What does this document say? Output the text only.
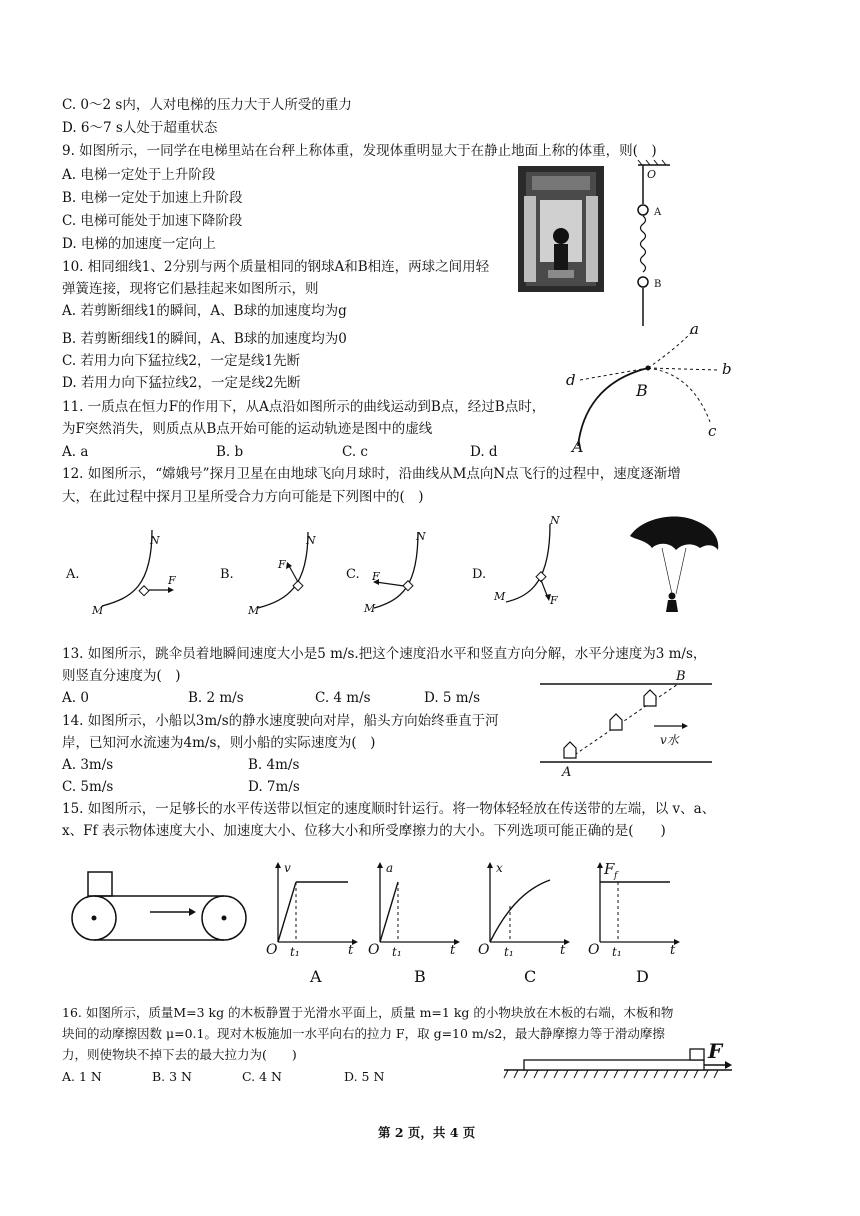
C. 0～2 s内，人对电梯的压力大于人所受的重力
D. 6～7 s人处于超重状态
9. 如图所示，一同学在电梯里站在台秤上称体重，发现体重明显大于在静止地面上称的体重，则(　)
A. 电梯一定处于上升阶段
B. 电梯一定处于加速上升阶段
C. 电梯可能处于加速下降阶段
D. 电梯的加速度一定向上
10. 相同细线1、2分别与两个质量相同的钢球A和B相连，两球之间用轻
弹簧连接，现将它们悬挂起来如图所示，则
A. 若剪断细线1的瞬间，A、B球的加速度均为g
B. 若剪断细线1的瞬间，A、B球的加速度均为0
C. 若用力向下猛拉线2，一定是线1先断
D. 若用力向下猛拉线2，一定是线2先断
11. 一质点在恒力F的作用下，从A点沿如图所示的曲线运动到B点，经过B点时，
为F突然消失，则质点从B点开始可能的运动轨迹是图中的虚线
A. a	B. b	C. c	D. d
12. 如图所示，“嫦娥号”探月卫星在由地球飞向月球时，沿曲线从M点向N点飞行的过程中，速度逐渐增
大，在此过程中探月卫星所受合力方向可能是下列图中的(　)
13. 如图所示，跳伞员着地瞬间速度大小是5 m/s.把这个速度沿水平和竖直方向分解，水平分速度为3 m/s，
则竖直分速度为(　)
A. 0	B. 2 m/s	C. 4 m/s	D. 5 m/s
14. 如图所示，小船以3m/s的静水速度驶向对岸，船头方向始终垂直于河
岸，已知河水流速为4m/s，则小船的实际速度为(　)
A. 3m/s	B. 4m/s
C. 5m/s	D. 7m/s
15. 如图所示，一足够长的水平传送带以恒定的速度顺时针运行。将一物体轻轻放在传送带的左端，以 v、a、
x、Ff 表示物体速度大小、加速度大小、位移大小和所受摩擦力的大小。下列选项可能正确的是(　　)
16. 如图所示，质量M=3 kg 的木板静置于光滑水平面上，质量 m=1 kg 的小物块放在木板的右端，木板和物
块间的动摩擦因数 μ=0.1。现对木板施加一水平向右的拉力 F，取 g=10 m/s2，最大静摩擦力等于滑动摩擦
力，则使物块不掉下去的最大拉力为(　　)
A. 1 N	B. 3 N	C. 4 N	D. 5 N
第 2 页，共 4 页
O
A
B
a
b
c
d
B
A
A.	F
N
M
B.
F
N
M
C. F
N
M
D.
F
N
M
v水
B
A
v
O t₁	t
A
a
O t₁	t
B
x
O t₁	t
C
F f
O t₁	t
D
F
